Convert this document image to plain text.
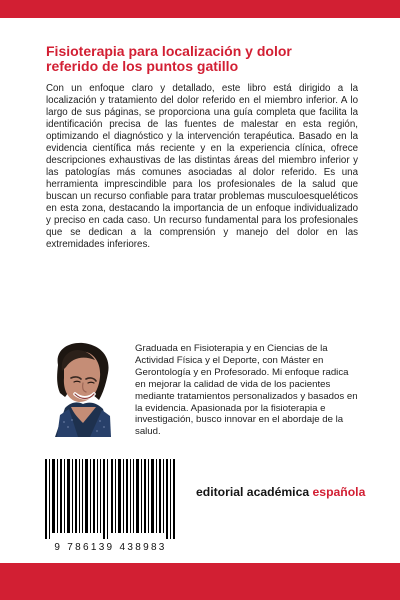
Fisioterapia para localización y dolor
referido de los puntos gatillo

Con un enfoque claro y detallado, este libro está dirigido a la localización y tratamiento del dolor referido en el miembro inferior. A lo largo de sus páginas, se proporciona una guía completa que facilita la identificación precisa de las fuentes de malestar en esta región, optimizando el diagnóstico y la intervención terapéutica. Basado en la evidencia científica más reciente y en la experiencia clínica, ofrece descripciones exhaustivas de las distintas áreas del miembro inferior y las patologías más comunes asociadas al dolor referido. Es una herramienta imprescindible para los profesionales de la salud que buscan un recurso confiable para tratar problemas musculoesqueléticos en esta zona, destacando la importancia de un enfoque individualizado y preciso en cada caso. Un recurso fundamental para los profesionales que se dedican a la comprensión y manejo del dolor en las extremidades inferiores.

Graduada en Fisioterapia y en Ciencias de la
Actividad Física y el Deporte, con Máster en
Gerontología y en Profesorado. Mi enfoque radica
en mejorar la calidad de vida de los pacientes
mediante tratamientos personalizados y basados en
la evidencia. Apasionada por la fisioterapia e
investigación, busco innovar en el abordaje de la
salud.

9 786139 438983
editorial académica española
